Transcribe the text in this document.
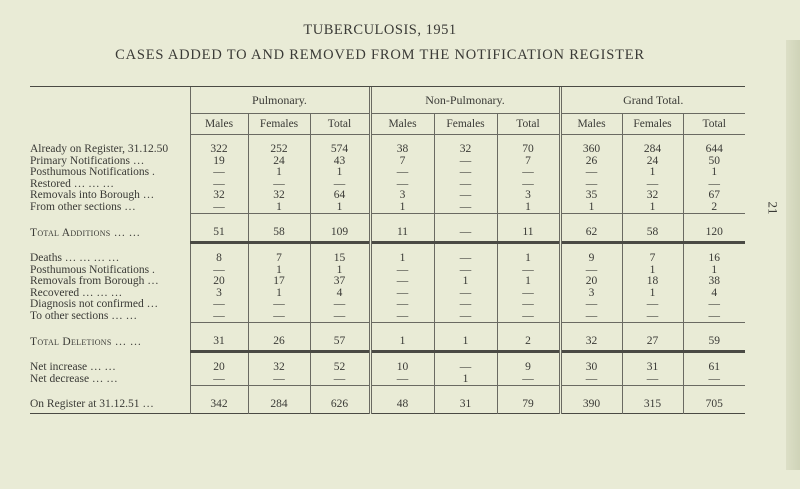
TUBERCULOSIS, 1951
CASES ADDED TO AND REMOVED FROM THE NOTIFICATION REGISTER
21

	Pulmonary.			Non-Pulmonary.			Grand Total.		
	Males	Females	Total	Males	Females	Total	Males	Females	Total

Already on Register, 31.12.50	322	252	574	38	32	70	360	284	644
Primary Notifications …	19	24	43	7	—	7	26	24	50
Posthumous Notifications .	—	1	1	—	—	—	—	1	1
Restored … … …	—	—	—	—	—	—	—	—	—
Removals into Borough …	32	32	64	3	—	3	35	32	67
From other sections …	—	1	1	1	—	1	1	1	2

Total Additions … …	51	58	109	11	—	11	62	58	120

Deaths … … … …	8	7	15	1	—	1	9	7	16
Posthumous Notifications .	—	1	1	—	—	—	—	1	1
Removals from Borough …	20	17	37	—	1	1	20	18	38
Recovered … … …	3	1	4	—	—	—	3	1	4
Diagnosis not confirmed …	—	—	—	—	—	—	—	—	—
To other sections … …	—	—	—	—	—	—	—	—	—

Total Deletions … …	31	26	57	1	1	2	32	27	59

Net increase … …	20	32	52	10	—	9	30	31	61
Net decrease … …	—	—	—	—	1	—	—	—	—

On Register at 31.12.51 …	342	284	626	48	31	79	390	315	705
